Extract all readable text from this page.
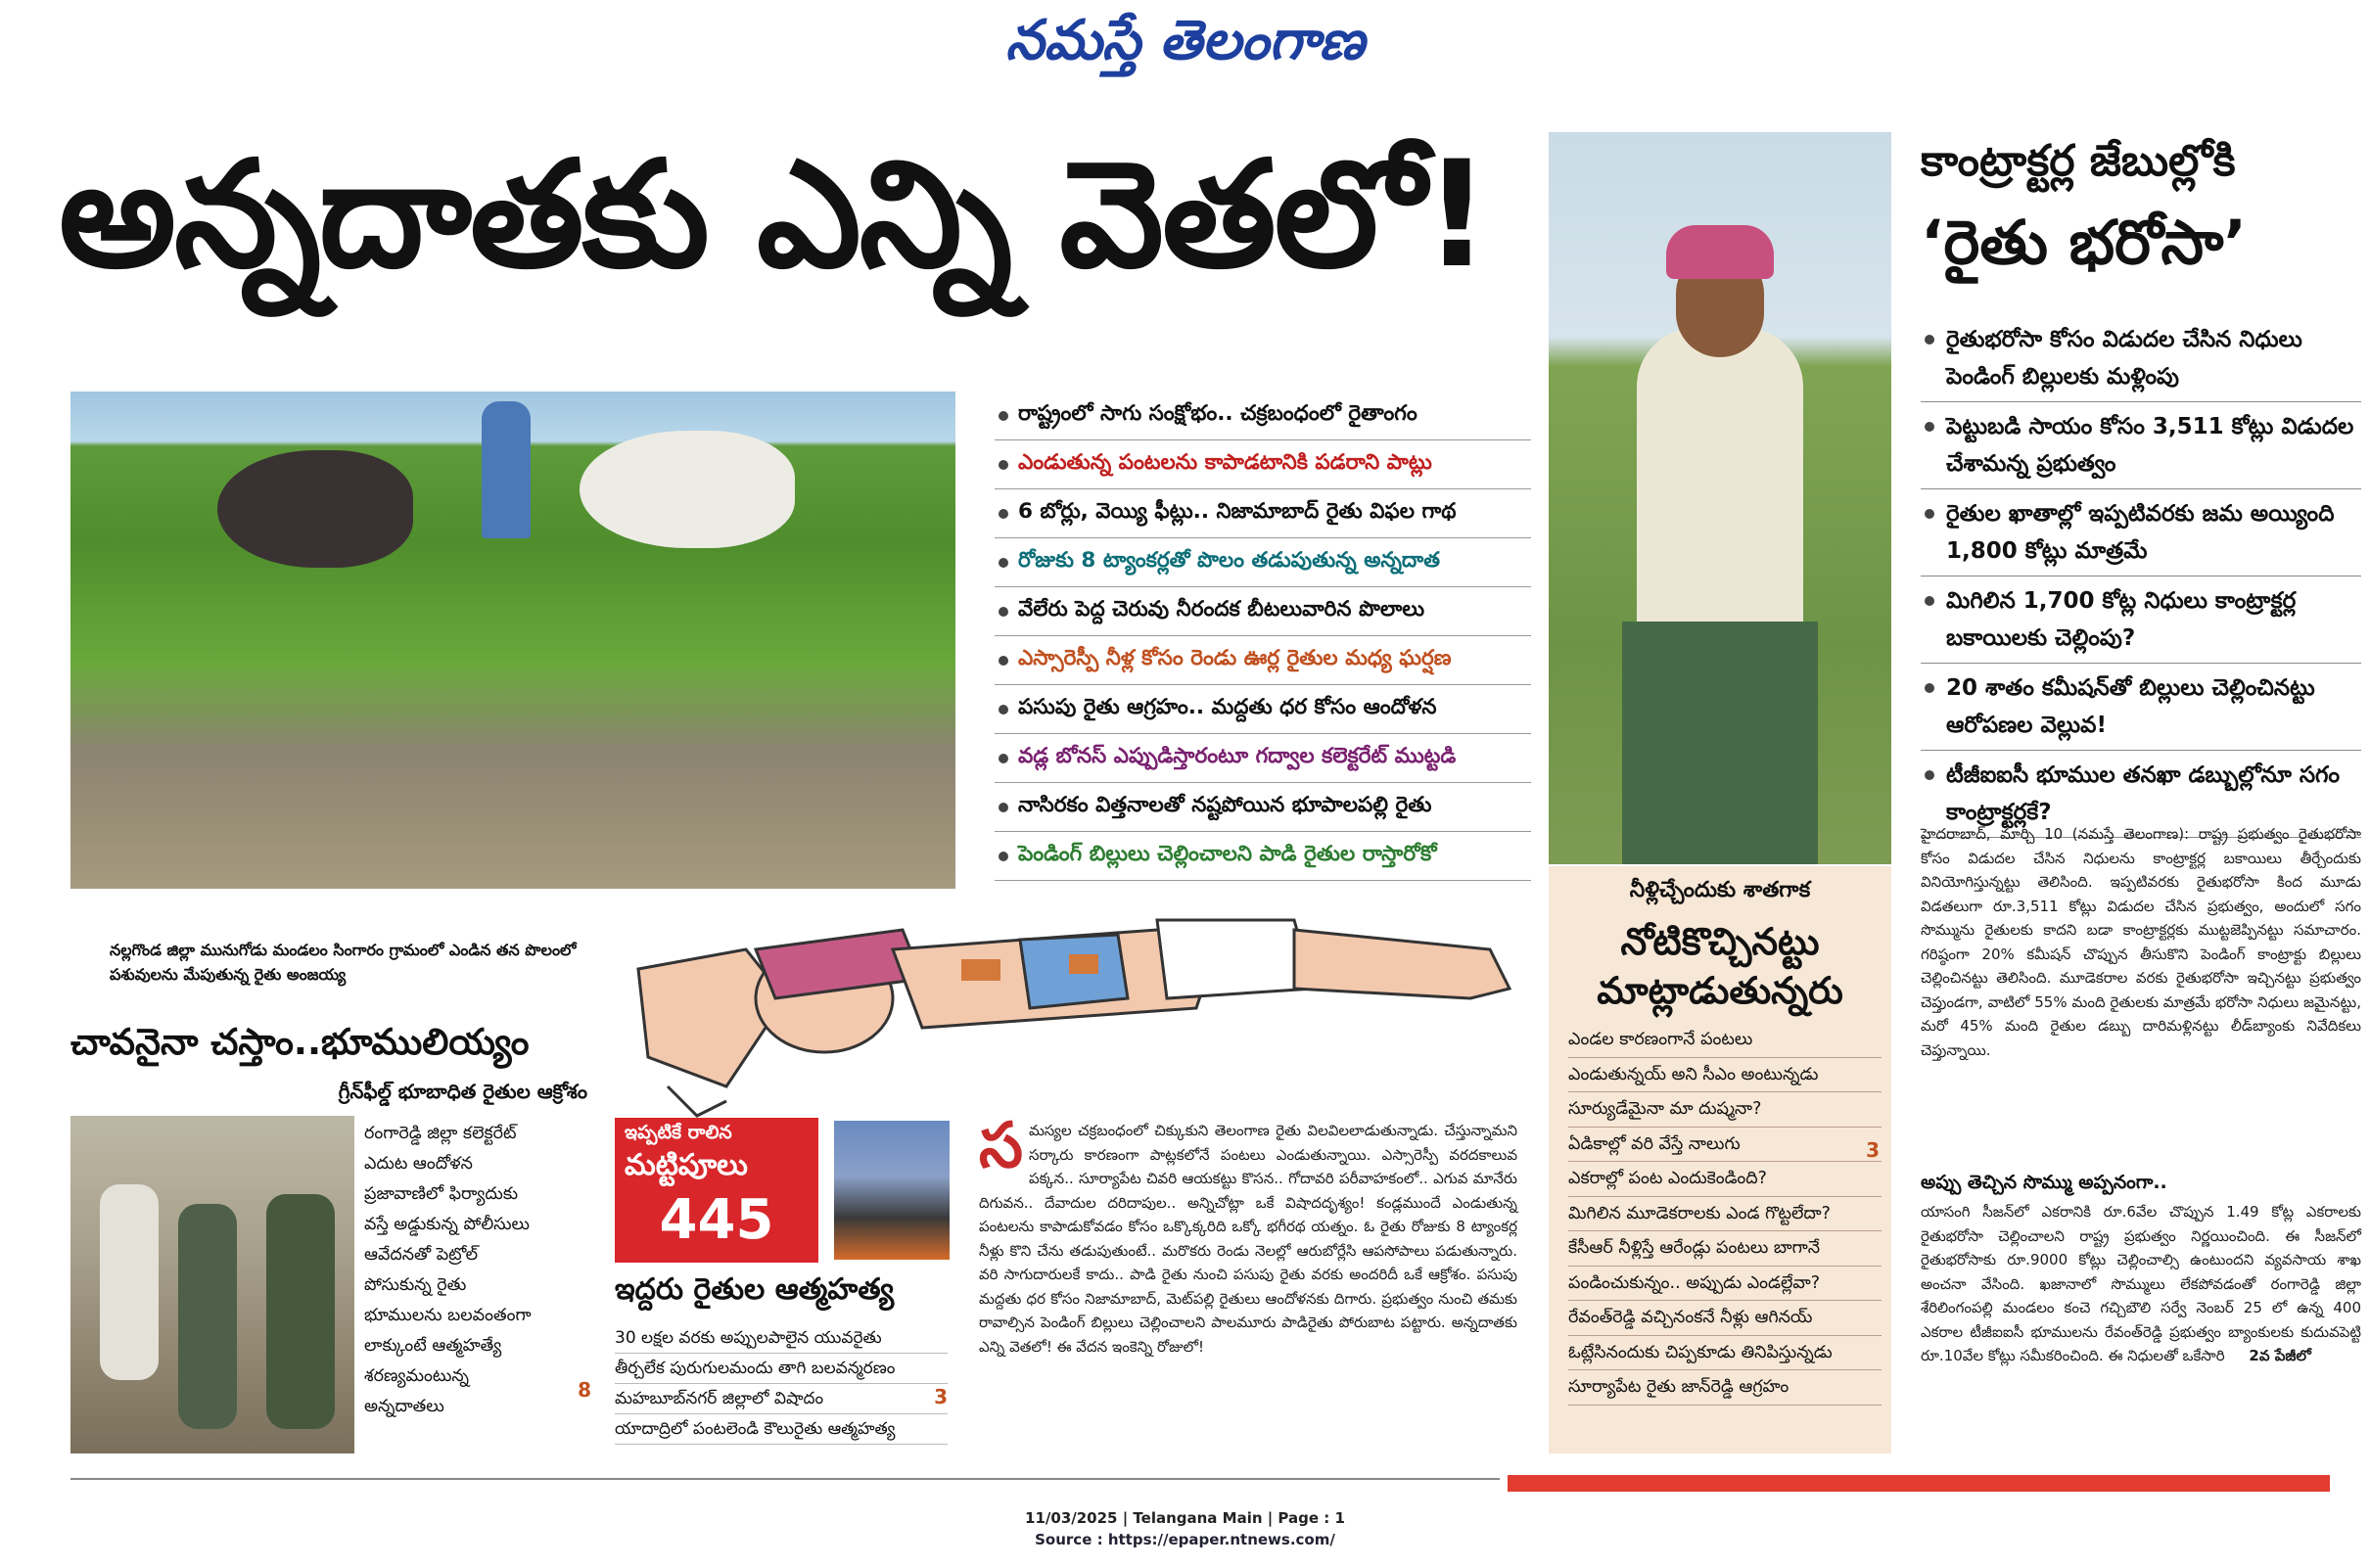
నమస్తే తెలంగాణ
అన్నదాతకు ఎన్ని వెతలో!
రాష్ట్రంలో సాగు సంక్షోభం.. చక్రబంధంలో రైతాంగం
ఎండుతున్న పంటలను కాపాడటానికి పడరాని పాట్లు
6 బోర్లు, వెయ్యి ఫీట్లు.. నిజామాబాద్ రైతు విఫల గాథ
రోజుకు 8 ట్యాంకర్లతో పొలం తడుపుతున్న అన్నదాత
వేలేరు పెద్ద చెరువు నీరందక బీటలువారిన పొలాలు
ఎస్సారెస్పీ నీళ్ల కోసం రెండు ఊర్ల రైతుల మధ్య ఘర్షణ
పసుపు రైతు ఆగ్రహం.. మద్దతు ధర కోసం ఆందోళన
వడ్ల బోనస్ ఎప్పుడిస్తారంటూ గద్వాల కలెక్టరేట్ ముట్టడి
నాసిరకం విత్తనాలతో నష్టపోయిన భూపాలపల్లి రైతు
పెండింగ్ బిల్లులు చెల్లించాలని పాడి రైతుల రాస్తారోకో
కాంట్రాక్టర్ల జేబుల్లోకి
‘రైతు భరోసా’
రైతుభరోసా కోసం విడుదల చేసిన నిధులు పెండింగ్ బిల్లులకు మళ్లింపు
పెట్టుబడి సాయం కోసం 3,511 కోట్లు విడుదల చేశామన్న ప్రభుత్వం
రైతుల ఖాతాల్లో ఇప్పటివరకు జమ అయ్యింది 1,800 కోట్లు మాత్రమే
మిగిలిన 1,700 కోట్ల నిధులు కాంట్రాక్టర్ల బకాయిలకు చెల్లింపు?
20 శాతం కమీషన్‌తో బిల్లులు చెల్లించినట్టు ఆరోపణల వెల్లువ!
టీజీఐఐసీ భూముల తనఖా డబ్బుల్లోనూ సగం కాంట్రాక్టర్లకే?
హైదరాబాద్, మార్చి 10 (నమస్తే తెలంగాణ): రాష్ట్ర ప్రభుత్వం రైతుభరోసా కోసం విడుదల చేసిన నిధులను కాంట్రాక్టర్ల బకాయిలు తీర్చేందుకు వినియోగిస్తున్నట్టు తెలిసింది. ఇప్పటివరకు రైతుభరోసా కింద మూడు విడతలుగా రూ.3,511 కోట్లు విడుదల చేసిన ప్రభుత్వం, అందులో సగం సొమ్మును రైతులకు కాదని బడా కాంట్రాక్టర్లకు ముట్టజెప్పినట్టు సమాచారం. గరిష్ఠంగా 20% కమీషన్ చొప్పున తీసుకొని పెండింగ్ కాంట్రాక్టు బిల్లులు చెల్లించినట్టు తెలిసింది. మూడెకరాల వరకు రైతుభరోసా ఇచ్చినట్టు ప్రభుత్వం చెప్తుండగా, వాటిలో 55% మంది రైతులకు మాత్రమే భరోసా నిధులు జమైనట్టు, మరో 45% మంది రైతుల డబ్బు దారిమళ్లినట్టు లీడ్‌బ్యాంకు నివేదికలు చెప్తున్నాయి.
అప్పు తెచ్చిన సొమ్ము అప్పనంగా..
యాసంగి సీజన్‌లో ఎకరానికి రూ.6వేల చొప్పున 1.49 కోట్ల ఎకరాలకు రైతుభరోసా చెల్లించాలని రాష్ట్ర ప్రభుత్వం నిర్ణయించింది. ఈ సీజన్‌లో రైతుభరోసాకు రూ.9000 కోట్లు చెల్లించాల్సి ఉంటుందని వ్యవసాయ శాఖ అంచనా వేసింది. ఖజానాలో సొమ్ములు లేకపోవడంతో రంగారెడ్డి జిల్లా శేరిలింగంపల్లి మండలం కంచె గచ్చిబౌలి సర్వే నెంబర్ 25 లో ఉన్న 400 ఎకరాల టీజీఐఐసీ భూములను రేవంత్‌రెడ్డి ప్రభుత్వం బ్యాంకులకు కుదువపెట్టి రూ.10వేల కోట్లు సమీకరించింది. ఈ నిధులతో ఒకేసారి 2వ పేజీలో
నల్లగొండ జిల్లా మునుగోడు మండలం సింగారం గ్రామంలో ఎండిన తన పొలంలో పశువులను మేపుతున్న రైతు అంజయ్య
చావనైనా చస్తాం..భూములియ్యం
గ్రీన్‌ఫీల్డ్ భూబాధిత రైతుల ఆక్రోశం
రంగారెడ్డి జిల్లా కలెక్టరేట్
ఎదుట ఆందోళన
ప్రజావాణిలో ఫిర్యాదుకు
వస్తే అడ్డుకున్న పోలీసులు
ఆవేదనతో పెట్రోల్
పోసుకున్న రైతు
భూములను బలవంతంగా
లాక్కుంటే ఆత్మహత్యే
శరణ్యమంటున్న
అన్నదాతలు
8
ఇప్పటికే రాలిన
మట్టిపూలు
445
ఇద్దరు రైతుల ఆత్మహత్య
30 లక్షల వరకు అప్పులపాలైన యువరైతు
తీర్చలేక పురుగులమందు తాగి బలవన్మరణం
మహబూబ్‌నగర్ జిల్లాలో విషాదం
యాదాద్రిలో పంటలెండి కౌలురైతు ఆత్మహత్య
3
స మస్యల చక్రబంధంలో చిక్కుకుని తెలంగాణ రైతు విలవిలలాడుతున్నాడు. చేస్తున్నామని సర్కారు కారణంగా పాట్లకలోనే పంటలు ఎండుతున్నాయి. ఎస్సారెస్పీ వరదకాలువ పక్కన.. సూర్యాపేట చివరి ఆయకట్టు కొసన.. గోదావరి పరీవాహకంలో.. ఎగువ మానేరు దిగువన.. దేవాదుల దరిదాపుల.. అన్నిచోట్లా ఒకే విషాదదృశ్యం! కండ్లముందే ఎండుతున్న పంటలను కాపాడుకోవడం కోసం ఒక్కొక్కరిది ఒక్కో భగీరథ యత్నం. ఓ రైతు రోజుకు 8 ట్యాంకర్ల నీళ్లు కొని చేను తడుపుతుంటే.. మరొకరు రెండు నెలల్లో ఆరుబోర్లేసి ఆపసోపాలు పడుతున్నారు. వరి సాగుదారులకే కాదు.. పాడి రైతు నుంచి పసుపు రైతు వరకు అందరిదీ ఒకే ఆక్రోశం. పసుపు మద్దతు ధర కోసం నిజామాబాద్, మెట్‌పల్లి రైతులు ఆందోళనకు దిగారు. ప్రభుత్వం నుంచి తమకు రావాల్సిన పెండింగ్ బిల్లులు చెల్లించాలని పాలమూరు పాడిరైతు పోరుబాట పట్టారు. అన్నదాతకు ఎన్ని వెతలో! ఈ వేదన ఇంకెన్ని రోజులో!
నీళ్లిచ్చేందుకు శాతగాక
నోటికొచ్చినట్టు
మాట్లాడుతున్నరు
ఎండల కారణంగానే పంటలు
ఎండుతున్నయ్ అని సీఎం అంటున్నడు
సూర్యుడేమైనా మా దుష్మనా?
ఏడికాల్లో వరి వేస్తే నాలుగు
ఎకరాల్లో పంట ఎందుకెండింది?
మిగిలిన మూడెకరాలకు ఎండ గొట్టలేదా?
కేసీఆర్ నీళ్లిస్తే ఆరేండ్లు పంటలు బాగానే
పండించుకున్నం.. అప్పుడు ఎండల్లేవా?
రేవంత్‌రెడ్డి వచ్చినంకనే నీళ్లు ఆగినయ్
ఓట్లేసినందుకు చిప్పకూడు తినిపిస్తున్నడు
సూర్యాపేట రైతు జాన్‌రెడ్డి ఆగ్రహం
3
11/03/2025 | Telangana Main | Page : 1
Source : https://epaper.ntnews.com/
